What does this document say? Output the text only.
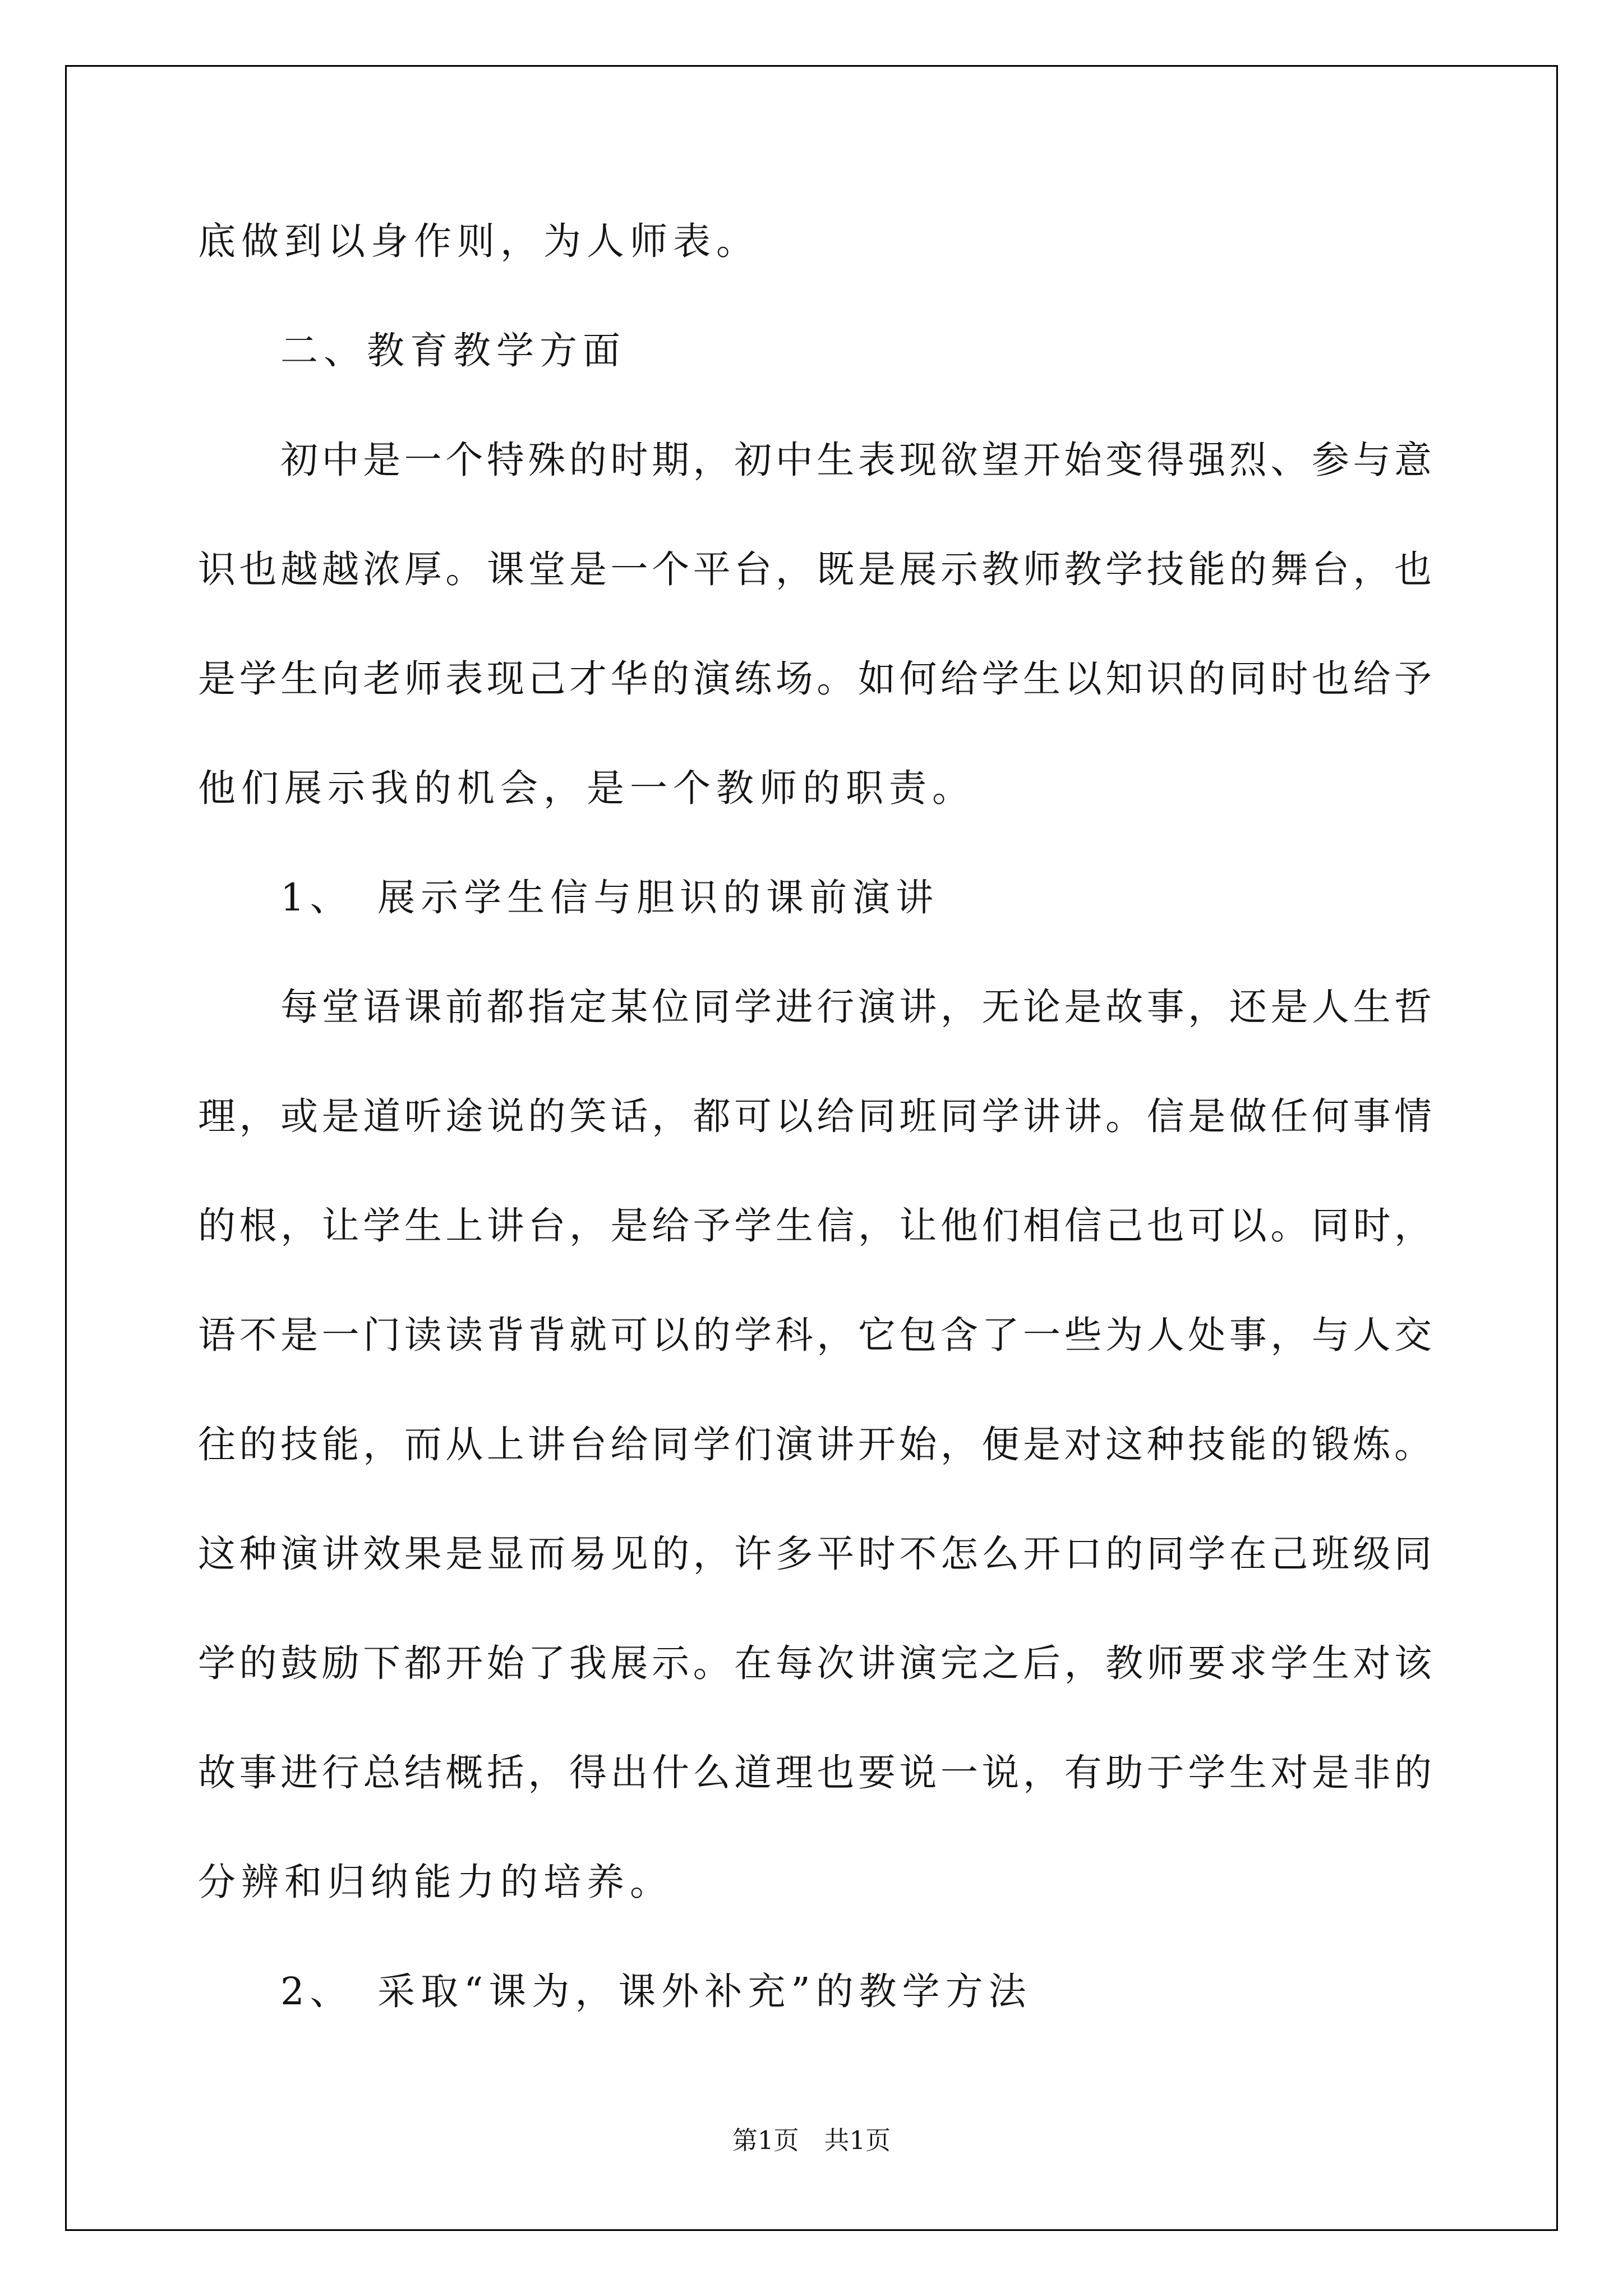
底做到以身作则，为人师表。

二、教育教学方面

初中是一个特殊的时期，初中生表现欲望开始变得强烈、参与意

识也越越浓厚。课堂是一个平台，既是展示教师教学技能的舞台，也

是学生向老师表现己才华的演练场。如何给学生以知识的同时也给予

他们展示我的机会，是一个教师的职责。

1、　展示学生信与胆识的课前演讲

每堂语课前都指定某位同学进行演讲，无论是故事，还是人生哲

理，或是道听途说的笑话，都可以给同班同学讲讲。信是做任何事情

的根，让学生上讲台，是给予学生信，让他们相信己也可以。同时，

语不是一门读读背背就可以的学科，它包含了一些为人处事，与人交

往的技能，而从上讲台给同学们演讲开始，便是对这种技能的锻炼。

这种演讲效果是显而易见的，许多平时不怎么开口的同学在己班级同

学的鼓励下都开始了我展示。在每次讲演完之后，教师要求学生对该

故事进行总结概括，得出什么道理也要说一说，有助于学生对是非的

分辨和归纳能力的培养。

2、　采取“课为，课外补充”的教学方法

第1页　共1页
